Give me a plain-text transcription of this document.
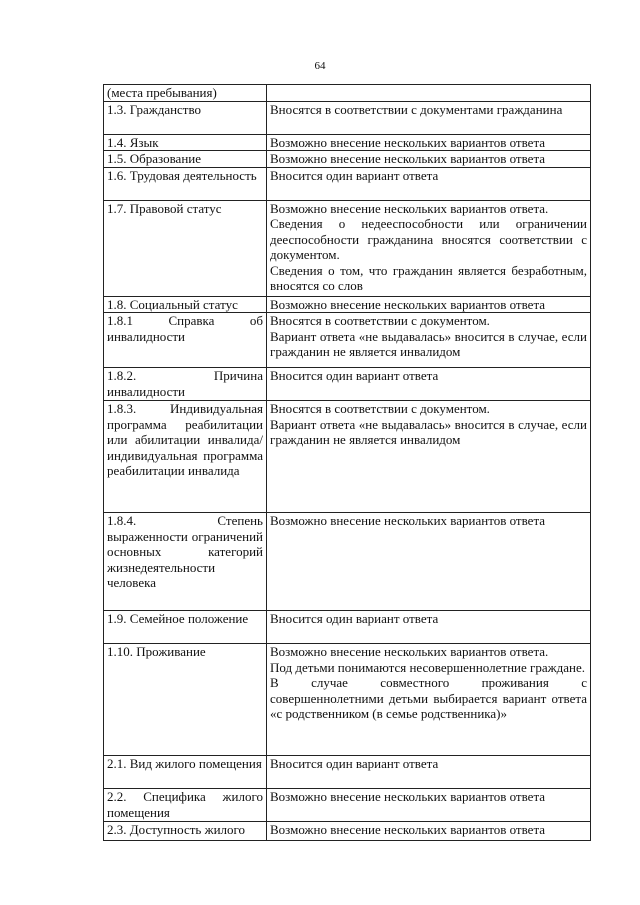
64
(места пребывания)	

1.3. Гражданство	Вносятся в соответствии с документами гражданина

1.4. Язык	Возможно внесение нескольких вариантов ответа

1.5. Образование	Возможно внесение нескольких вариантов ответа

1.6. Трудовая деятельность	Вносится один вариант ответа

1.7. Правовой статус	Возможно внесение нескольких вариантов ответа.
Сведения о недееспособности или ограничении дееспособности гражданина вносятся соответствии с документом.
Сведения о том, что гражданин является безработным, вносятся со слов

1.8. Социальный статус	Возможно внесение нескольких вариантов ответа

1.8.1 Справка об инвалидности	Вносятся в соответствии с документом.
Вариант ответа «не выдавалась» вносится в случае, если гражданин не является инвалидом

1.8.2. Причина инвалидности	Вносится один вариант ответа

1.8.3. Индивидуальная программа реабилитации или абилитации инвалида/ индивидуальная программа реабилитации инвалида	Вносятся в соответствии с документом.
Вариант ответа «не выдавалась» вносится в случае, если гражданин не является инвалидом

1.8.4. Степень выраженности ограничений основных категорий жизнедеятельности человека	Возможно внесение нескольких вариантов ответа

1.9. Семейное положение	Вносится один вариант ответа

1.10. Проживание	Возможно внесение нескольких вариантов ответа.
Под детьми понимаются несовершеннолетние граждане.
В случае совместного проживания с совершеннолетними детьми выбирается вариант ответа «с родственником (в семье родственника)»

2.1. Вид жилого помещения	Вносится один вариант ответа

2.2. Специфика жилого помещения	Возможно внесение нескольких вариантов ответа

2.3. Доступность жилого	Возможно внесение нескольких вариантов ответа
